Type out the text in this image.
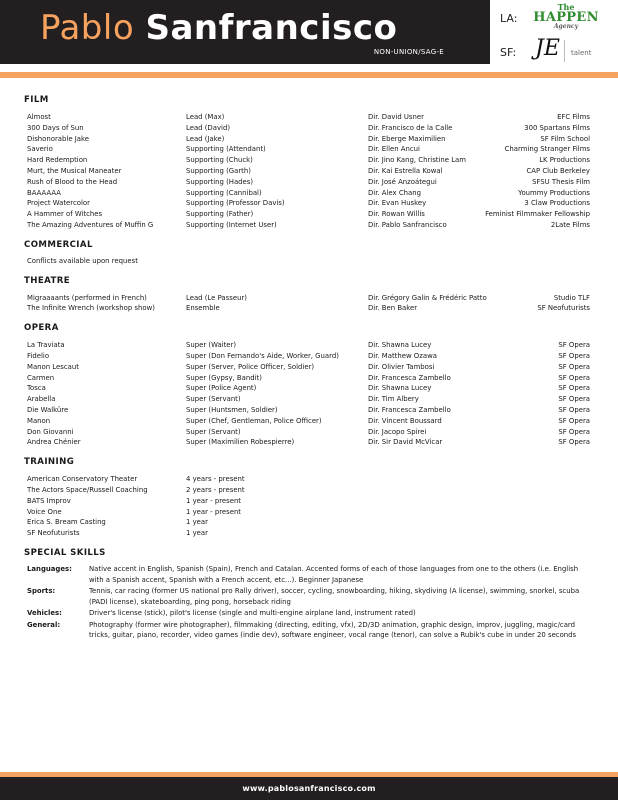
Pablo Sanfrancisco
NON-UNION/SAG-E
LA:
The
HAPPEN
Agency
SF: JE talent
FILM
Almost	Lead (Max)	Dir. David Usner	EFC Films
300 Days of Sun	Lead (David)	Dir. Francisco de la Calle	300 Spartans Films
Dishonorable Jake	Lead (Jake)	Dir. Eberge Maximilien	SF Film School
Saverio	Supporting (Attendant)	Dir. Ellen Ancui	Charming Stranger Films
Hard Redemption	Supporting (Chuck)	Dir. Jino Kang, Christine Lam	LK Productions
Murt, the Musical Maneater	Supporting (Garth)	Dir. Kai Estrella Kowal	CAP Club Berkeley
Rush of Blood to the Head	Supporting (Hades)	Dir. José Anzoátegui	SFSU Thesis Film
BAAAAAA	Supporting (Cannibal)	Dir. Alex Chang	Yoummy Productions
Project Watercolor	Supporting (Professor Davis)	Dir. Evan Huskey	3 Claw Productions
A Hammer of Witches	Supporting (Father)	Dir. Rowan Willis	Feminist Filmmaker Fellowship
The Amazing Adventures of Muffin G	Supporting (Internet User)	Dir. Pablo Sanfrancisco	2Late Films
COMMERCIAL
Conflicts available upon request
THEATRE
Migraaaants (performed in French)	Lead (Le Passeur)	Dir. Grégory Galin & Frédéric Patto	Studio TLF
The Infinite Wrench (workshop show)	Ensemble	Dir. Ben Baker	SF Neofuturists
OPERA
La Traviata	Super (Waiter)	Dir. Shawna Lucey	SF Opera
Fidelio	Super (Don Fernando's Aide, Worker, Guard)	Dir. Matthew Ozawa	SF Opera
Manon Lescaut	Super (Server, Police Officer, Soldier)	Dir. Olivier Tambosi	SF Opera
Carmen	Super (Gypsy, Bandit)	Dir. Francesca Zambello	SF Opera
Tosca	Super (Police Agent)	Dir. Shawna Lucey	SF Opera
Arabella	Super (Servant)	Dir. Tim Albery	SF Opera
Die Walküre	Super (Huntsmen, Soldier)	Dir. Francesca Zambello	SF Opera
Manon	Super (Chef, Gentleman, Police Officer)	Dir. Vincent Boussard	SF Opera
Don Giovanni	Super (Servant)	Dir. Jacopo Spirei	SF Opera
Andrea Chénier	Super (Maximilien Robespierre)	Dir. Sir David McVicar	SF Opera
TRAINING
American Conservatory Theater	4 years - present
The Actors Space/Russell Coaching	2 years - present
BATS Improv	1 year - present
Voice One	1 year - present
Erica S. Bream Casting	1 year
SF Neofuturists	1 year
SPECIAL SKILLS
Languages: Native accent in English, Spanish (Spain), French and Catalan. Accented forms of each of those languages from one to the others (i.e. English with a Spanish accent, Spanish with a French accent, etc...). Beginner Japanese
Sports:	Tennis, car racing (former US national pro Rally driver), soccer, cycling, snowboarding, hiking, skydiving (A license), swimming, snorkel, scuba (PADI license), skateboarding, ping pong, horseback riding
Vehicles:	Driver's license (stick), pilot's license (single and multi-engine airplane land, instrument rated)
General:	Photography (former wire photographer), filmmaking (directing, editing, vfx), 2D/3D animation, graphic design, improv, juggling, magic/card tricks, guitar, piano, recorder, video games (indie dev), software engineer, vocal range (tenor), can solve a Rubik's cube in under 20 seconds
www.pablosanfrancisco.com
